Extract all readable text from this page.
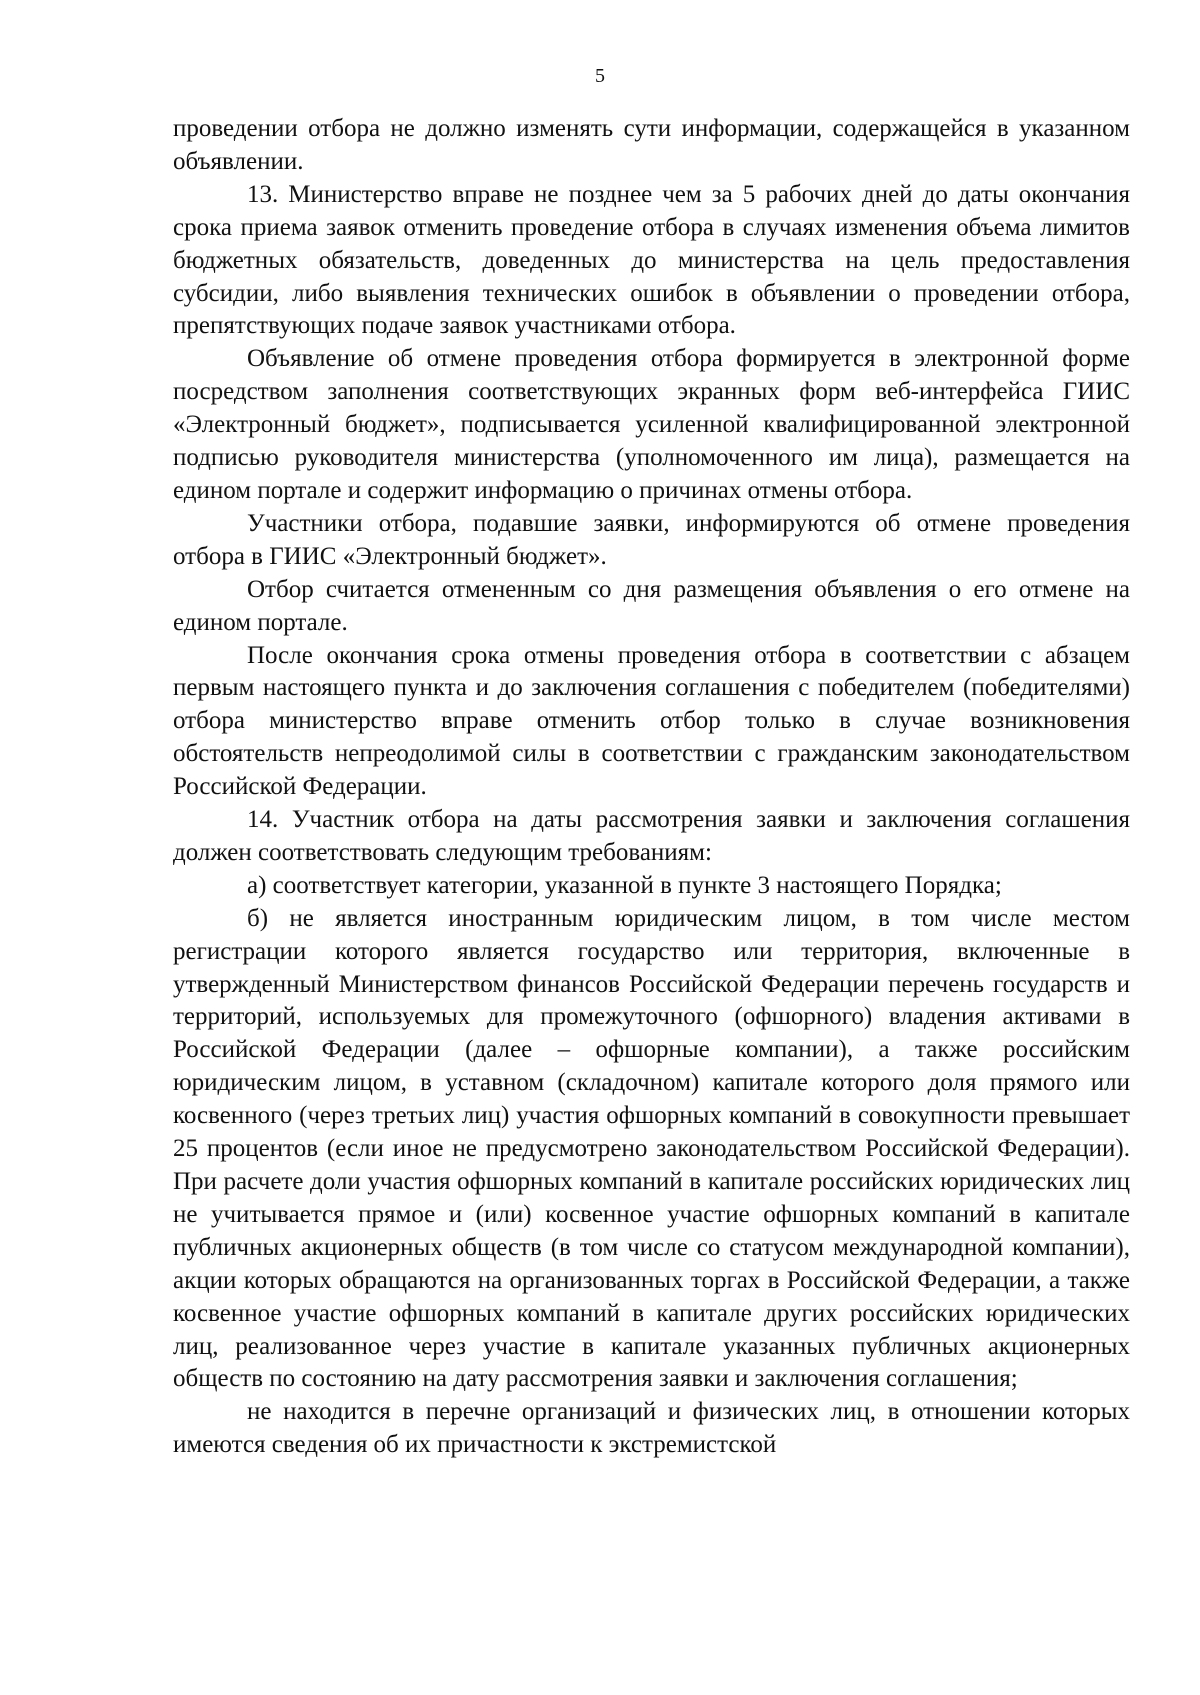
5

проведении отбора не должно изменять сути информации, содержащейся в указанном объявлении.

13. Министерство вправе не позднее чем за 5 рабочих дней до даты окончания срока приема заявок отменить проведение отбора в случаях изменения объема лимитов бюджетных обязательств, доведенных до министерства на цель предоставления субсидии, либо выявления технических ошибок в объявлении о проведении отбора, препятствующих подаче заявок участниками отбора.

Объявление об отмене проведения отбора формируется в электронной форме посредством заполнения соответствующих экранных форм веб-интерфейса ГИИС «Электронный бюджет», подписывается усиленной квалифицированной электронной подписью руководителя министерства (уполномоченного им лица), размещается на едином портале и содержит информацию о причинах отмены отбора.

Участники отбора, подавшие заявки, информируются об отмене проведения отбора в ГИИС «Электронный бюджет».

Отбор считается отмененным со дня размещения объявления о его отмене на едином портале.

После окончания срока отмены проведения отбора в соответствии с абзацем первым настоящего пункта и до заключения соглашения с победителем (победителями) отбора министерство вправе отменить отбор только в случае возникновения обстоятельств непреодолимой силы в соответствии с гражданским законодательством Российской Федерации.

14. Участник отбора на даты рассмотрения заявки и заключения соглашения должен соответствовать следующим требованиям:

а) соответствует категории, указанной в пункте 3 настоящего Порядка;

б) не является иностранным юридическим лицом, в том числе местом регистрации которого является государство или территория, включенные в утвержденный Министерством финансов Российской Федерации перечень государств и территорий, используемых для промежуточного (офшорного) владения активами в Российской Федерации (далее – офшорные компании), а также российским юридическим лицом, в уставном (складочном) капитале которого доля прямого или косвенного (через третьих лиц) участия офшорных компаний в совокупности превышает 25 процентов (если иное не предусмотрено законодательством Российской Федерации). При расчете доли участия офшорных компаний в капитале российских юридических лиц не учитывается прямое и (или) косвенное участие офшорных компаний в капитале публичных акционерных обществ (в том числе со статусом международной компании), акции которых обращаются на организованных торгах в Российской Федерации, а также косвенное участие офшорных компаний в капитале других российских юридических лиц, реализованное через участие в капитале указанных публичных акционерных обществ по состоянию на дату рассмотрения заявки и заключения соглашения;

не находится в перечне организаций и физических лиц, в отношении которых имеются сведения об их причастности к экстремистской
